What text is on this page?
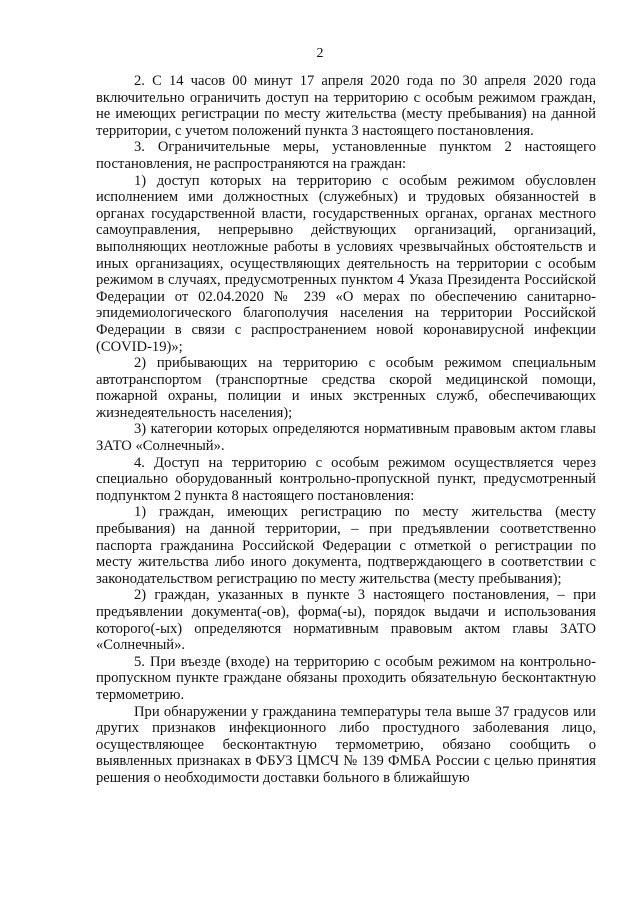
2

2. С 14 часов 00 минут 17 апреля 2020 года по 30 апреля 2020 года включительно ограничить доступ на территорию с особым режимом граждан, не имеющих регистрации по месту жительства (месту пребывания) на данной территории, с учетом положений пункта 3 настоящего постановления.

3. Ограничительные меры, установленные пунктом 2 настоящего постановления, не распространяются на граждан:

1) доступ которых на территорию с особым режимом обусловлен исполнением ими должностных (служебных) и трудовых обязанностей в органах государственной власти, государственных органах, органах местного самоуправления, непрерывно действующих организаций, организаций, выполняющих неотложные работы в условиях чрезвычайных обстоятельств и иных организациях, осуществляющих деятельность на территории с особым режимом в случаях, предусмотренных пунктом 4 Указа Президента Российской Федерации от 02.04.2020 № 239 «О мерах по обеспечению санитарно-эпидемиологического благополучия населения на территории Российской Федерации в связи с распространением новой коронавирусной инфекции (COVID-19)»;

2) прибывающих на территорию с особым режимом специальным автотранспортом (транспортные средства скорой медицинской помощи, пожарной охраны, полиции и иных экстренных служб, обеспечивающих жизнедеятельность населения);

3) категории которых определяются нормативным правовым актом главы ЗАТО «Солнечный».

4. Доступ на территорию с особым режимом осуществляется через специально оборудованный контрольно-пропускной пункт, предусмотренный подпунктом 2 пункта 8 настоящего постановления:

1) граждан, имеющих регистрацию по месту жительства (месту пребывания) на данной территории, – при предъявлении соответственно паспорта гражданина Российской Федерации с отметкой о регистрации по месту жительства либо иного документа, подтверждающего в соответствии с законодательством регистрацию по месту жительства (месту пребывания);

2) граждан, указанных в пункте 3 настоящего постановления, – при предъявлении документа(-ов), форма(-ы), порядок выдачи и использования которого(-ых) определяются нормативным правовым актом главы ЗАТО «Солнечный».

5. При въезде (входе) на территорию с особым режимом на контрольно-пропускном пункте граждане обязаны проходить обязательную бесконтактную термометрию.

При обнаружении у гражданина температуры тела выше 37 градусов или других признаков инфекционного либо простудного заболевания лицо, осуществляющее бесконтактную термометрию, обязано сообщить о выявленных признаках в ФБУЗ ЦМСЧ № 139 ФМБА России с целью принятия решения о необходимости доставки больного в ближайшую
